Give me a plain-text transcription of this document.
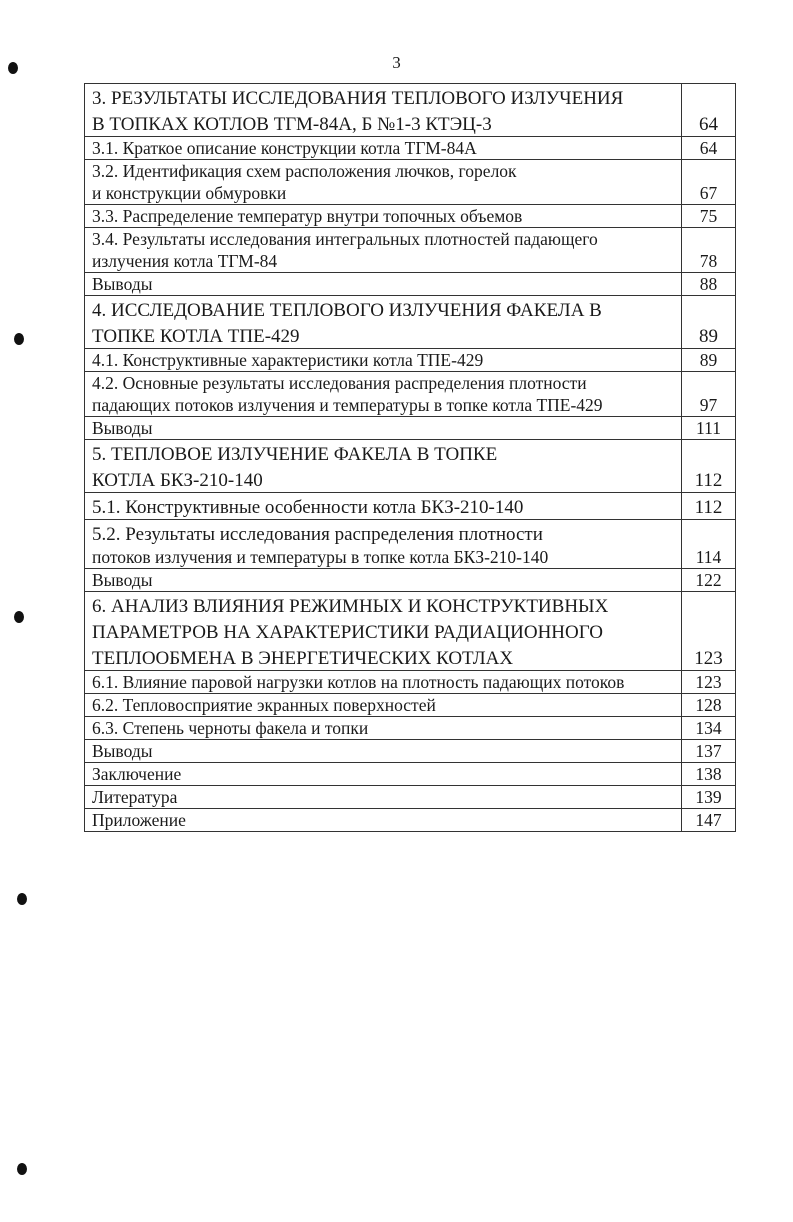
3
3. РЕЗУЛЬТАТЫ ИССЛЕДОВАНИЯ ТЕПЛОВОГО ИЗЛУЧЕНИЯ	
В ТОПКАХ КОТЛОВ ТГМ-84А, Б №1-3 КТЭЦ-3	64
3.1. Краткое описание конструкции котла ТГМ-84А	64
3.2. Идентификация схем расположения лючков, горелок	
и конструкции обмуровки	67
3.3. Распределение температур внутри топочных объемов	75
3.4. Результаты исследования интегральных плотностей падающего	
излучения котла ТГМ-84	78
Выводы	88
4. ИССЛЕДОВАНИЕ ТЕПЛОВОГО ИЗЛУЧЕНИЯ ФАКЕЛА В	
ТОПКЕ КОТЛА ТПЕ-429	89
4.1. Конструктивные характеристики котла ТПЕ-429	89
4.2. Основные результаты исследования распределения плотности	
падающих потоков излучения и температуры в топке котла ТПЕ-429	97
Выводы	111
5. ТЕПЛОВОЕ ИЗЛУЧЕНИЕ ФАКЕЛА В ТОПКЕ	
КОТЛА БКЗ-210-140	112
5.1. Конструктивные особенности котла БКЗ-210-140	112
5.2. Результаты исследования распределения плотности	
потоков излучения и температуры в топке котла БКЗ-210-140	114
Выводы	122
6. АНАЛИЗ ВЛИЯНИЯ РЕЖИМНЫХ И КОНСТРУКТИВНЫХ	
ПАРАМЕТРОВ НА ХАРАКТЕРИСТИКИ РАДИАЦИОННОГО	
ТЕПЛООБМЕНА В ЭНЕРГЕТИЧЕСКИХ КОТЛАХ	123
6.1. Влияние паровой нагрузки котлов на плотность падающих потоков	123
6.2. Тепловосприятие экранных поверхностей	128
6.3. Степень черноты факела и топки	134
Выводы	137
Заключение	138
Литература	139
Приложение	147
